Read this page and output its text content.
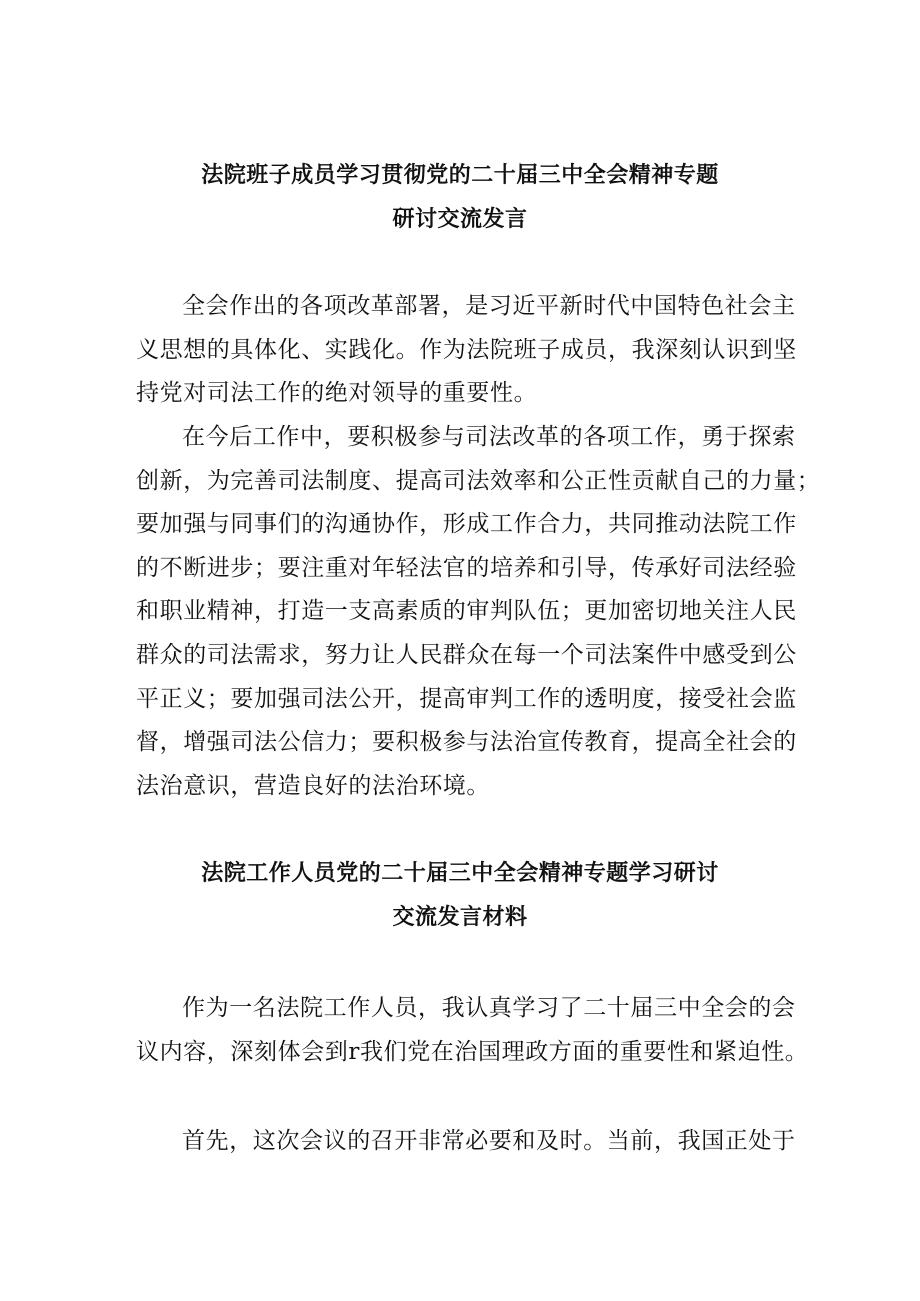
法院班子成员学习贯彻党的二十届三中全会精神专题
研讨交流发言
全会作出的各项改革部署，是习近平新时代中国特色社会主
义思想的具体化、实践化。作为法院班子成员，我深刻认识到坚
持党对司法工作的绝对领导的重要性。
在今后工作中，要积极参与司法改革的各项工作，勇于探索
创新，为完善司法制度、提高司法效率和公正性贡献自己的力量；
要加强与同事们的沟通协作，形成工作合力，共同推动法院工作
的不断进步；要注重对年轻法官的培养和引导，传承好司法经验
和职业精神，打造一支高素质的审判队伍；更加密切地关注人民
群众的司法需求，努力让人民群众在每一个司法案件中感受到公
平正义；要加强司法公开，提高审判工作的透明度，接受社会监
督，增强司法公信力；要积极参与法治宣传教育，提高全社会的
法治意识，营造良好的法治环境。
法院工作人员党的二十届三中全会精神专题学习研讨
交流发言材料
作为一名法院工作人员，我认真学习了二十届三中全会的会
议内容，深刻体会到r我们党在治国理政方面的重要性和紧迫性。
首先，这次会议的召开非常必要和及时。当前，我国正处于
